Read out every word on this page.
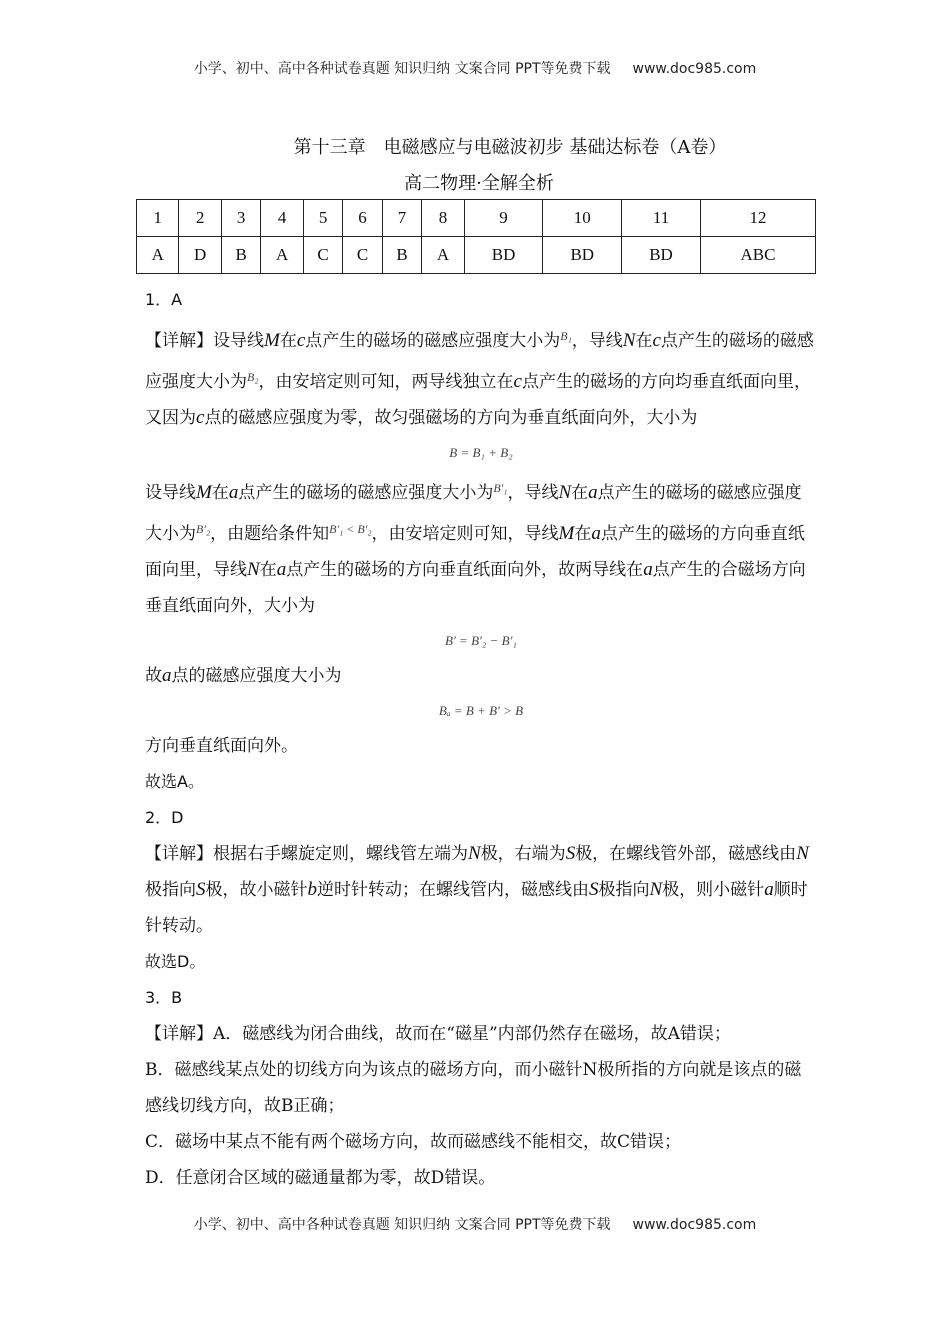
小学、初中、高中各种试卷真题 知识归纳 文案合同 PPT等免费下载 www.doc985.com
第十三章　电磁感应与电磁波初步 基础达标卷（A卷）
高二物理·全解全析
1	2	3	4	5	6	7	8	9	10	11	12
A	D	B	A	C	C	B	A	BD	BD	BD	ABC

1．A

【详解】设导线M在c点产生的磁场的磁感应强度大小为$^{B_1}$，导线N在c点产生的磁场的磁感应强度大小为$^{B_2}$，由安培定则可知，两导线独立在c点产生的磁场的方向均垂直纸面向里，又因为c点的磁感应强度为零，故匀强磁场的方向为垂直纸面向外，大小为

B = B₁ + B₂

设导线M在a点产生的磁场的磁感应强度大小为$^{B'_1}$，导线N在a点产生的磁场的磁感应强度大小为$^{B'_2}$，由题给条件知$^{B'_1 < B'_2}$，由安培定则可知，导线M在a点产生的磁场的方向垂直纸面向里，导线N在a点产生的磁场的方向垂直纸面向外，故两导线在a点产生的合磁场方向垂直纸面向外，大小为

B′ = B′₂ − B′₁

故a点的磁感应强度大小为

Bₐ = B + B′ > B

方向垂直纸面向外。

故选A。

2．D

【详解】根据右手螺旋定则，螺线管左端为N极，右端为S极，在螺线管外部，磁感线由N极指向S极，故小磁针b逆时针转动；在螺线管内，磁感线由S极指向N极，则小磁针a顺时针转动。

故选D。

3．B

【详解】A．磁感线为闭合曲线，故而在“磁星”内部仍然存在磁场，故A错误；

B．磁感线某点处的切线方向为该点的磁场方向，而小磁针N极所指的方向就是该点的磁感线切线方向，故B正确；

C．磁场中某点不能有两个磁场方向，故而磁感线不能相交，故C错误；

D．任意闭合区域的磁通量都为零，故D错误。

小学、初中、高中各种试卷真题 知识归纳 文案合同 PPT等免费下载 www.doc985.com
